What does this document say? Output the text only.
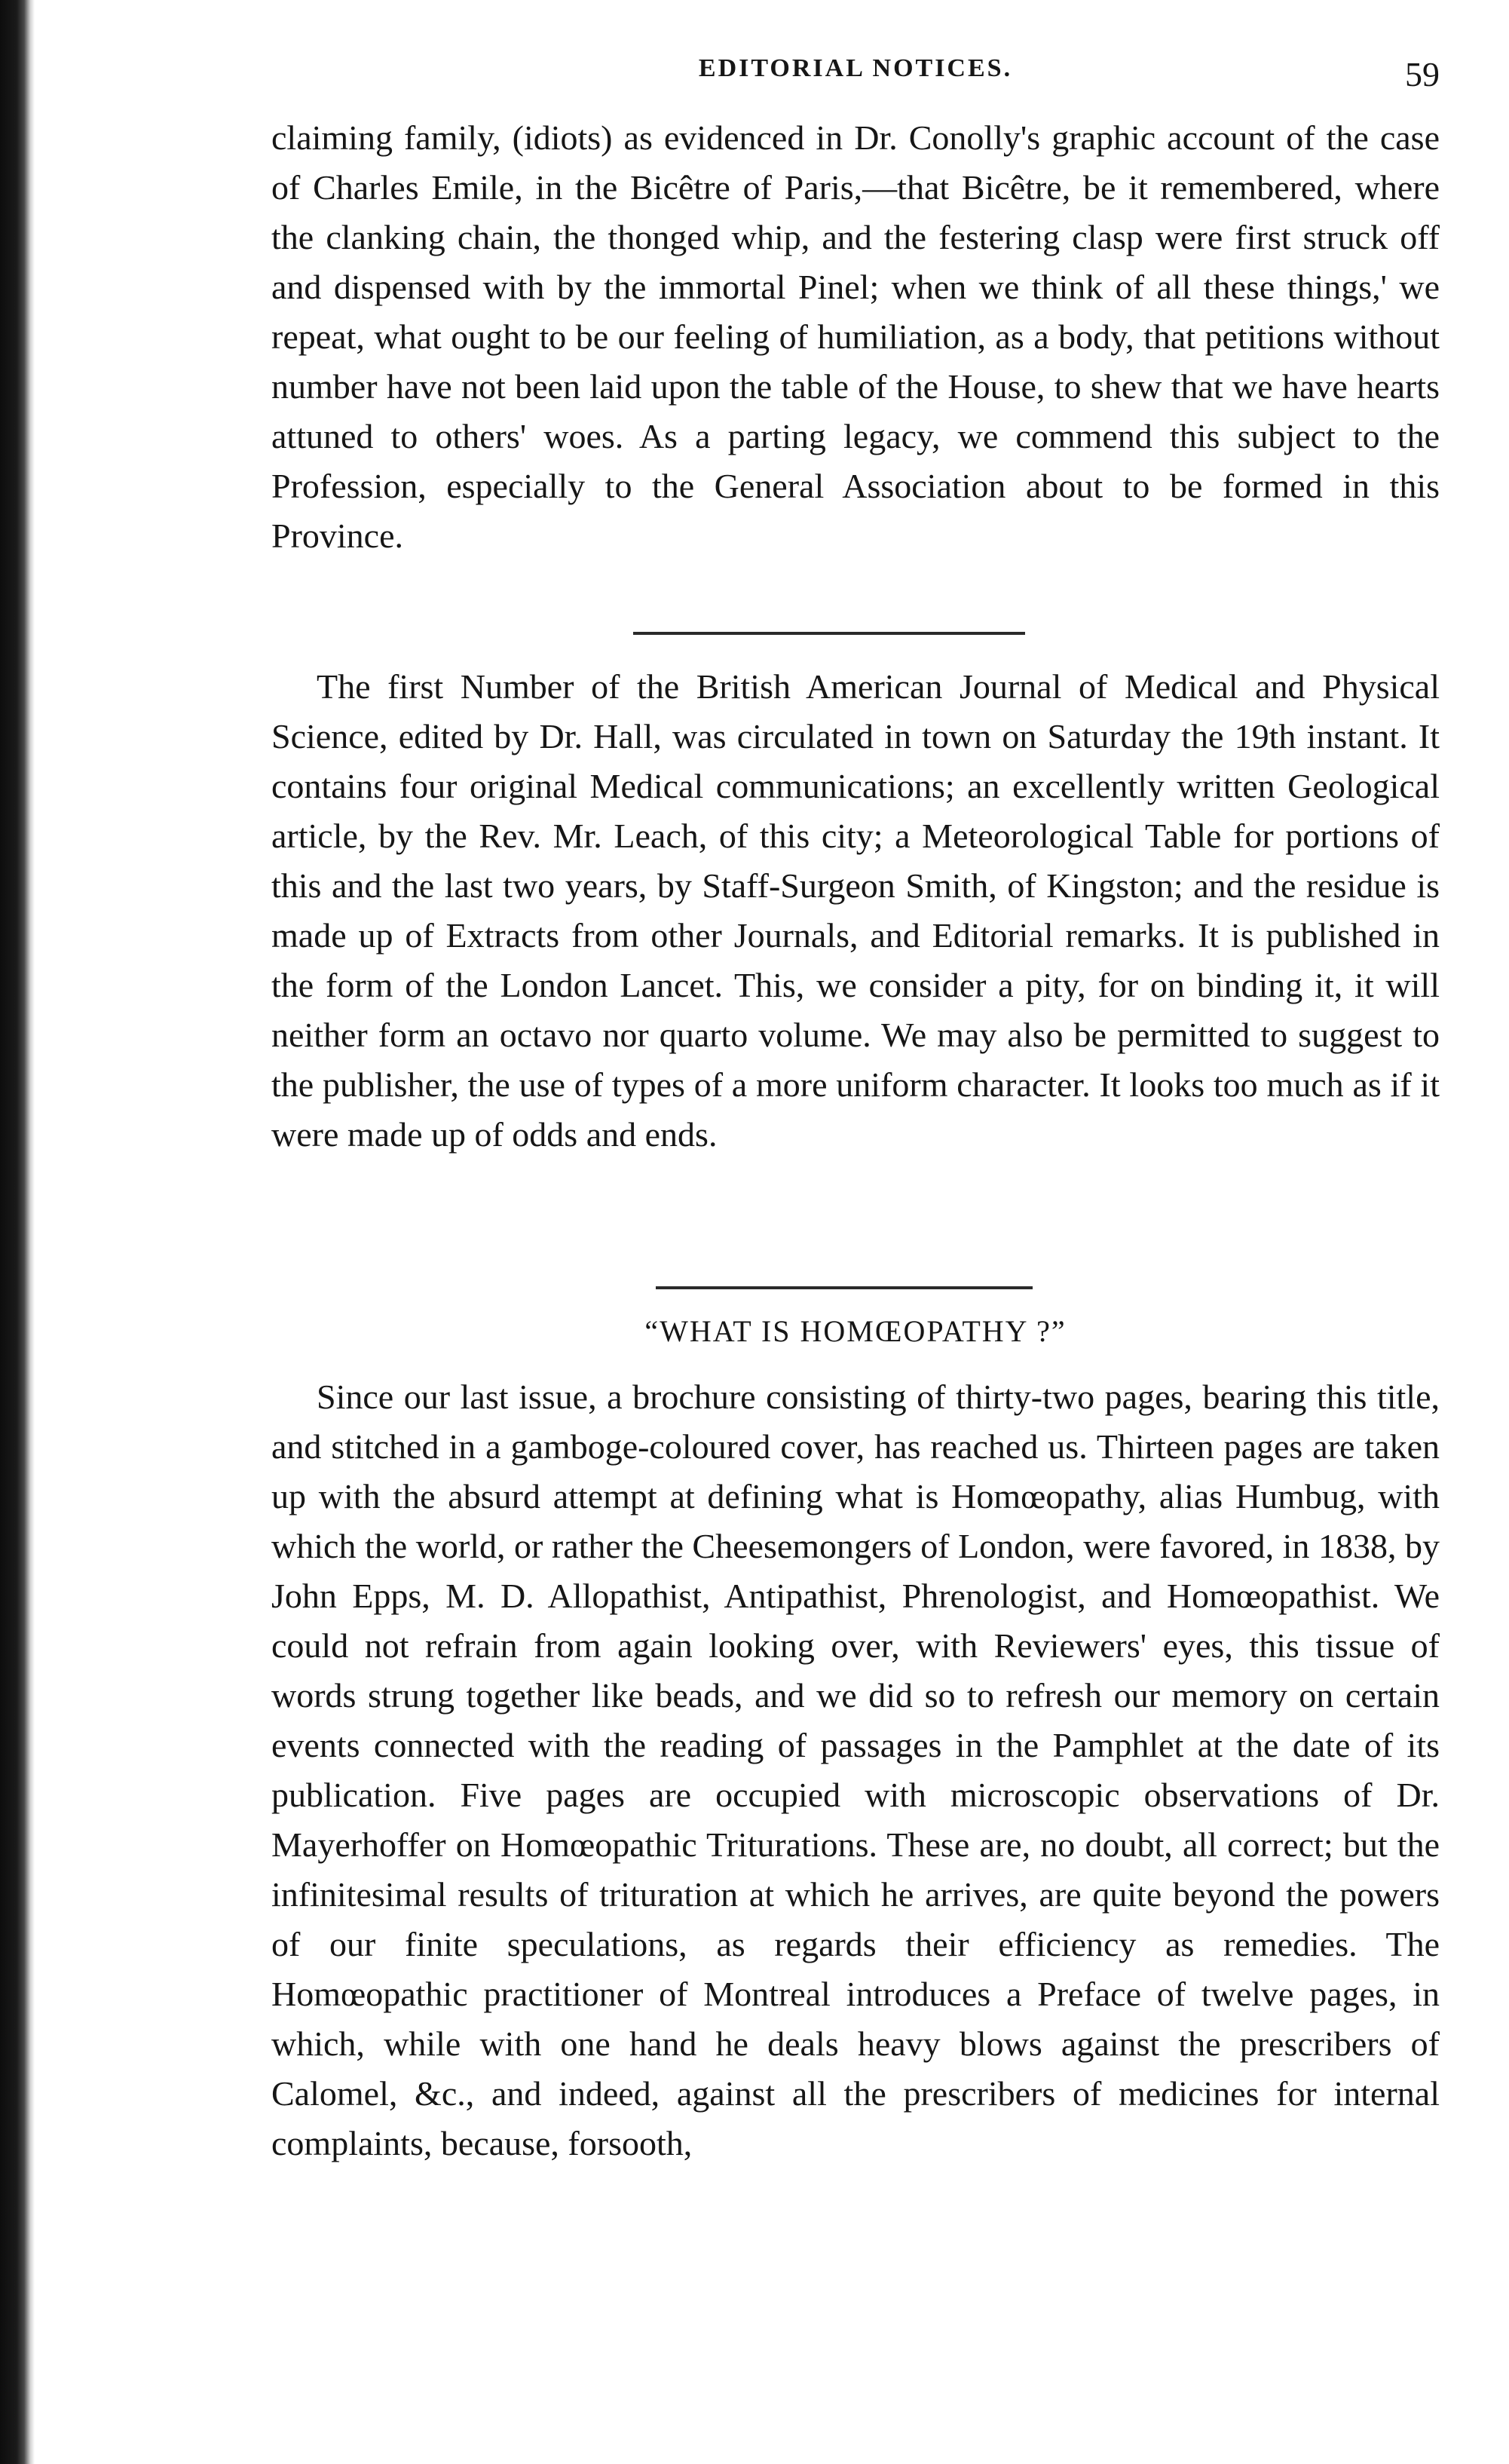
EDITORIAL NOTICES.	59

claiming family, (idiots) as evidenced in Dr. Conolly's graphic account of the case of Charles Emile, in the Bicêtre of Paris,—that Bicêtre, be it remembered, where the clanking chain, the thonged whip, and the festering clasp were first struck off and dispensed with by the immortal Pinel; when we think of all these things,' we repeat, what ought to be our feeling of humiliation, as a body, that petitions without number have not been laid upon the table of the House, to shew that we have hearts attuned to others' woes. As a parting legacy, we commend this subject to the Profession, especially to the General Association about to be formed in this Province.

The first Number of the British American Journal of Medical and Physical Science, edited by Dr. Hall, was circulated in town on Saturday the 19th instant. It contains four original Medical communications; an excellently written Geological article, by the Rev. Mr. Leach, of this city; a Meteorological Table for portions of this and the last two years, by Staff-Surgeon Smith, of Kingston; and the residue is made up of Extracts from other Journals, and Editorial remarks. It is published in the form of the London Lancet. This, we consider a pity, for on binding it, it will neither form an octavo nor quarto volume. We may also be permitted to suggest to the publisher, the use of types of a more uniform character. It looks too much as if it were made up of odds and ends.

“WHAT IS HOMŒOPATHY ?”

Since our last issue, a brochure consisting of thirty-two pages, bearing this title, and stitched in a gamboge-coloured cover, has reached us. Thirteen pages are taken up with the absurd attempt at defining what is Homœopathy, alias Humbug, with which the world, or rather the Cheesemongers of London, were favored, in 1838, by John Epps, M. D. Allopathist, Antipathist, Phrenologist, and Homœopathist. We could not refrain from again looking over, with Reviewers' eyes, this tissue of words strung together like beads, and we did so to refresh our memory on certain events connected with the reading of passages in the Pamphlet at the date of its publication. Five pages are occupied with microscopic observations of Dr. Mayerhoffer on Homœopathic Triturations. These are, no doubt, all correct; but the infinitesimal results of trituration at which he arrives, are quite beyond the powers of our finite speculations, as regards their efficiency as remedies. The Homœopathic practitioner of Montreal introduces a Preface of twelve pages, in which, while with one hand he deals heavy blows against the prescribers of Calomel, &c., and indeed, against all the prescribers of medicines for internal complaints, because, forsooth,
